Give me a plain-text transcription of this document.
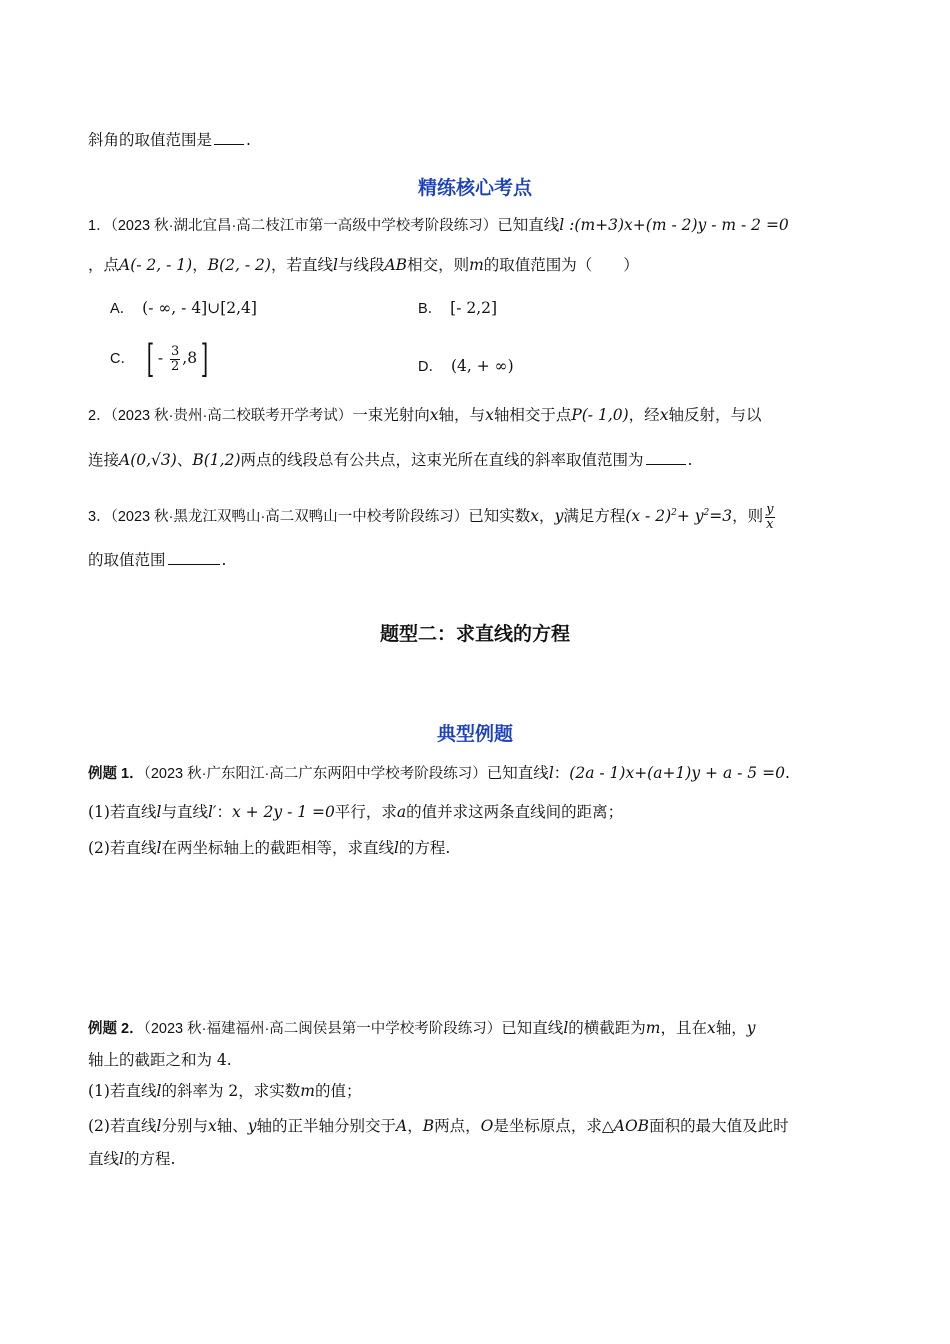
斜角的取值范围是 .
精练核心考点
1．（2023 秋·湖北宜昌·高二枝江市第一高级中学校考阶段练习）已知直线l :(m+3)x+(m - 2)y - m - 2 =0
，点A(- 2, - 1)，B(2, - 2)，若直线l与线段AB相交，则m的取值范围为（　　）
A． (- ∞, - 4]∪[2,4]	B． [- 2,2]
C． [ - $\frac{3}{2} ,8$]	D． (4, + ∞)
2．（2023 秋·贵州·高二校联考开学考试）一束光射向x轴，与x轴相交于点P(- 1,0)，经x轴反射，与以
连接A(0,√3)、B(1,2)两点的线段总有公共点，这束光所在直线的斜率取值范围为	.
3．（2023 秋·黑龙江双鸭山·高二双鸭山一中校考阶段练习）已知实数x，y满足方程$(x - 2)^2+ y^2=3$，则 $\frac{y}{x}$
的取值范围	.
题型二：求直线的方程
典型例题
例题 1．（2023 秋·广东阳江·高二广东两阳中学校考阶段练习）已知直线l：(2a - 1)x+(a+1)y + a - 5 =0.
(1)若直线l与直线l′：x + 2y - 1 =0平行，求a的值并求这两条直线间的距离；
(2)若直线l在两坐标轴上的截距相等，求直线l的方程.
例题 2．（2023 秋·福建福州·高二闽侯县第一中学校考阶段练习）已知直线l的横截距为m，且在x轴，y
轴上的截距之和为 4.
(1)若直线l的斜率为 2，求实数m的值；
(2)若直线l分别与x轴、y轴的正半轴分别交于A，B两点，O是坐标原点，求△AOB面积的最大值及此时
直线l的方程.
